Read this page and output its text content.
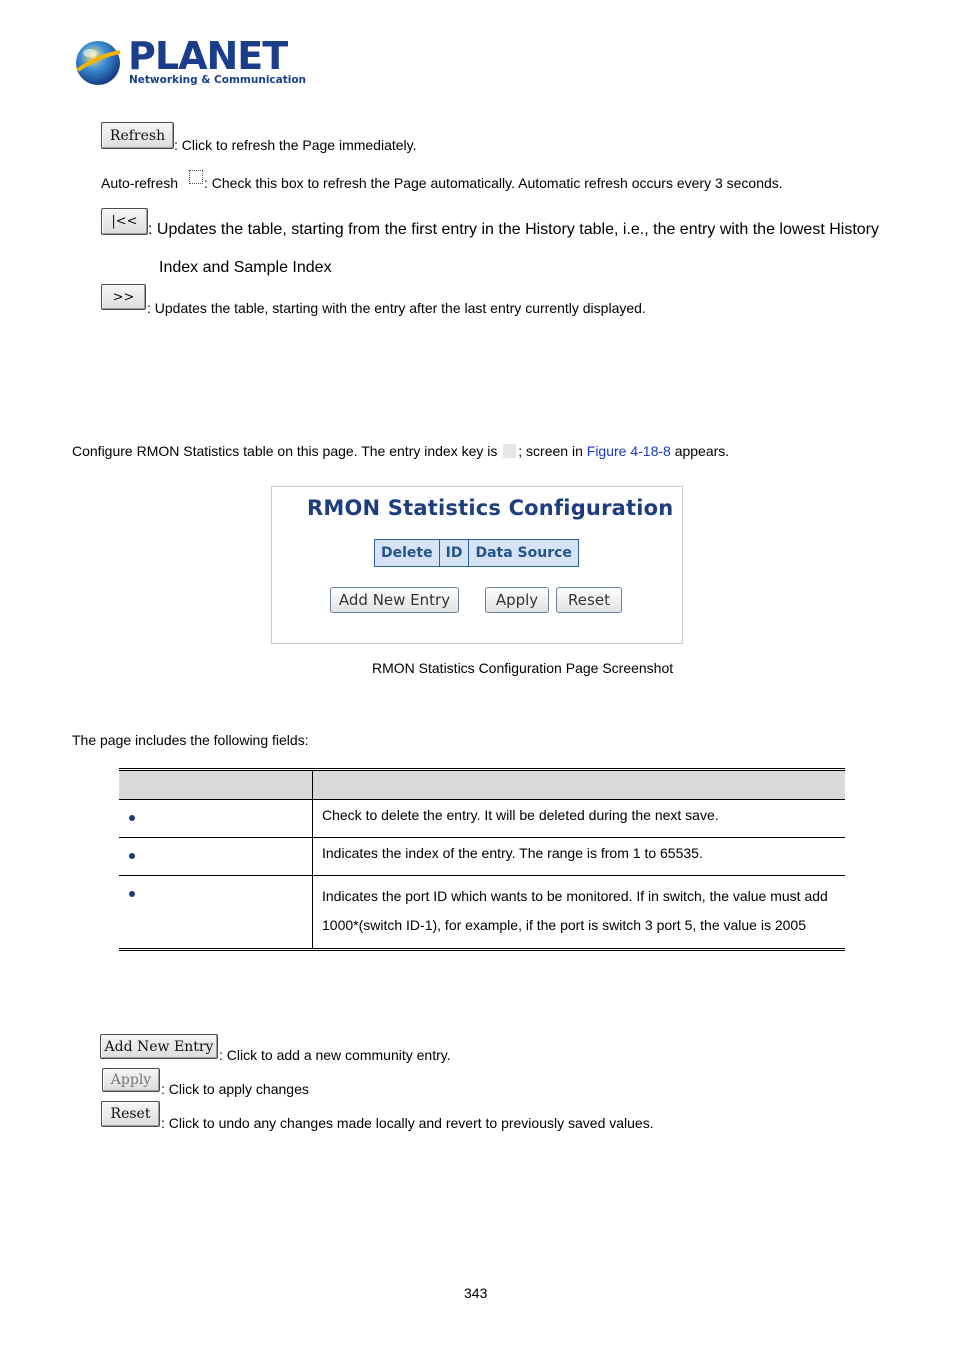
PLANET
Networking & Communication
Refresh
: Click to refresh the Page immediately.
Auto-refresh : Check this box to refresh the Page automatically. Automatic refresh occurs every 3 seconds.
|<< : Updates the table, starting from the first entry in the History table, i.e., the entry with the lowest History
Index and Sample Index
>>
: Updates the table, starting with the entry after the last entry currently displayed.
Configure RMON Statistics table on this page. The entry index key is ; screen in Figure 4-18-8 appears.
RMON Statistics Configuration
Delete	ID	Data Source
Add New Entry	Apply	Reset
RMON Statistics Configuration Page Screenshot
The page includes the following fields:

	Check to delete the entry. It will be deleted during the next save.
	Indicates the index of the entry. The range is from 1 to 65535.
	Indicates the port ID which wants to be monitored. If in switch, the value must add 1000*(switch ID-1), for example, if the port is switch 3 port 5, the value is 2005
Add New Entry
: Click to add a new community entry.
Apply
: Click to apply changes
Reset
: Click to undo any changes made locally and revert to previously saved values.
343
